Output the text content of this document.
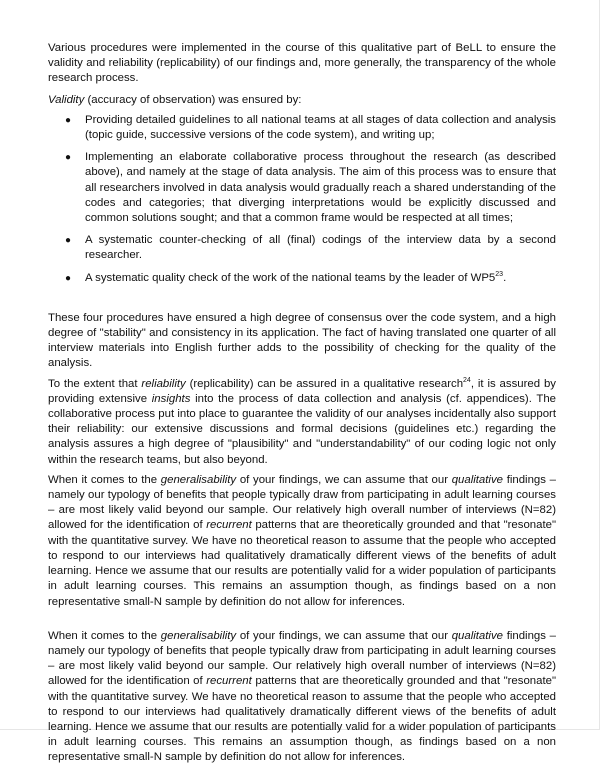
Various procedures were implemented in the course of this qualitative part of BeLL to ensure the validity and reliability (replicability) of our findings and, more generally, the transparency of the whole research process.

Validity (accuracy of observation) was ensured by:

● Providing detailed guidelines to all national teams at all stages of data collection and analysis (topic guide, successive versions of the code system), and writing up;
● Implementing an elaborate collaborative process throughout the research (as described above), and namely at the stage of data analysis. The aim of this process was to ensure that all researchers involved in data analysis would gradually reach a shared understanding of the codes and categories; that diverging interpretations would be explicitly discussed and common solutions sought; and that a common frame would be respected at all times;
● A systematic counter-checking of all (final) codings of the interview data by a second researcher.
● A systematic quality check of the work of the national teams by the leader of $WP5^{23}$.

These four procedures have ensured a high degree of consensus over the code system, and a high degree of "stability" and consistency in its application. The fact of having translated one quarter of all interview materials into English further adds to the possibility of checking for the quality of the analysis.

To the extent that reliability (replicability) can be assured in a qualitative research$^{24}$, it is assured by providing extensive insights into the process of data collection and analysis (cf. appendices). The collaborative process put into place to guarantee the validity of our analyses incidentally also support their reliability: our extensive discussions and formal decisions (guidelines etc.) regarding the analysis assures a high degree of "plausibility" and "understandability" of our coding logic not only within the research teams, but also beyond.

When it comes to the generalisability of your findings, we can assume that our qualitative findings – namely our typology of benefits that people typically draw from participating in adult learning courses – are most likely valid beyond our sample. Our relatively high overall number of interviews (N=82) allowed for the identification of recurrent patterns that are theoretically grounded and that "resonate" with the quantitative survey. We have no theoretical reason to assume that the people who accepted to respond to our interviews had qualitatively dramatically different views of the benefits of adult learning. Hence we assume that our results are potentially valid for a wider population of participants in adult learning courses. This remains an assumption though, as findings based on a non representative small-N sample by definition do not allow for inferences.

When it comes to the generalisability of your findings, we can assume that our qualitative findings – namely our typology of benefits that people typically draw from participating in adult learning courses – are most likely valid beyond our sample. Our relatively high overall number of interviews (N=82) allowed for the identification of recurrent patterns that are theoretically grounded and that "resonate" with the quantitative survey. We have no theoretical reason to assume that the people who accepted to respond to our interviews had qualitatively dramatically different views of the benefits of adult learning. Hence we assume that our results are potentially valid for a wider population of participants in adult learning courses. This remains an assumption though, as findings based on a non representative small-N sample by definition do not allow for inferences.
